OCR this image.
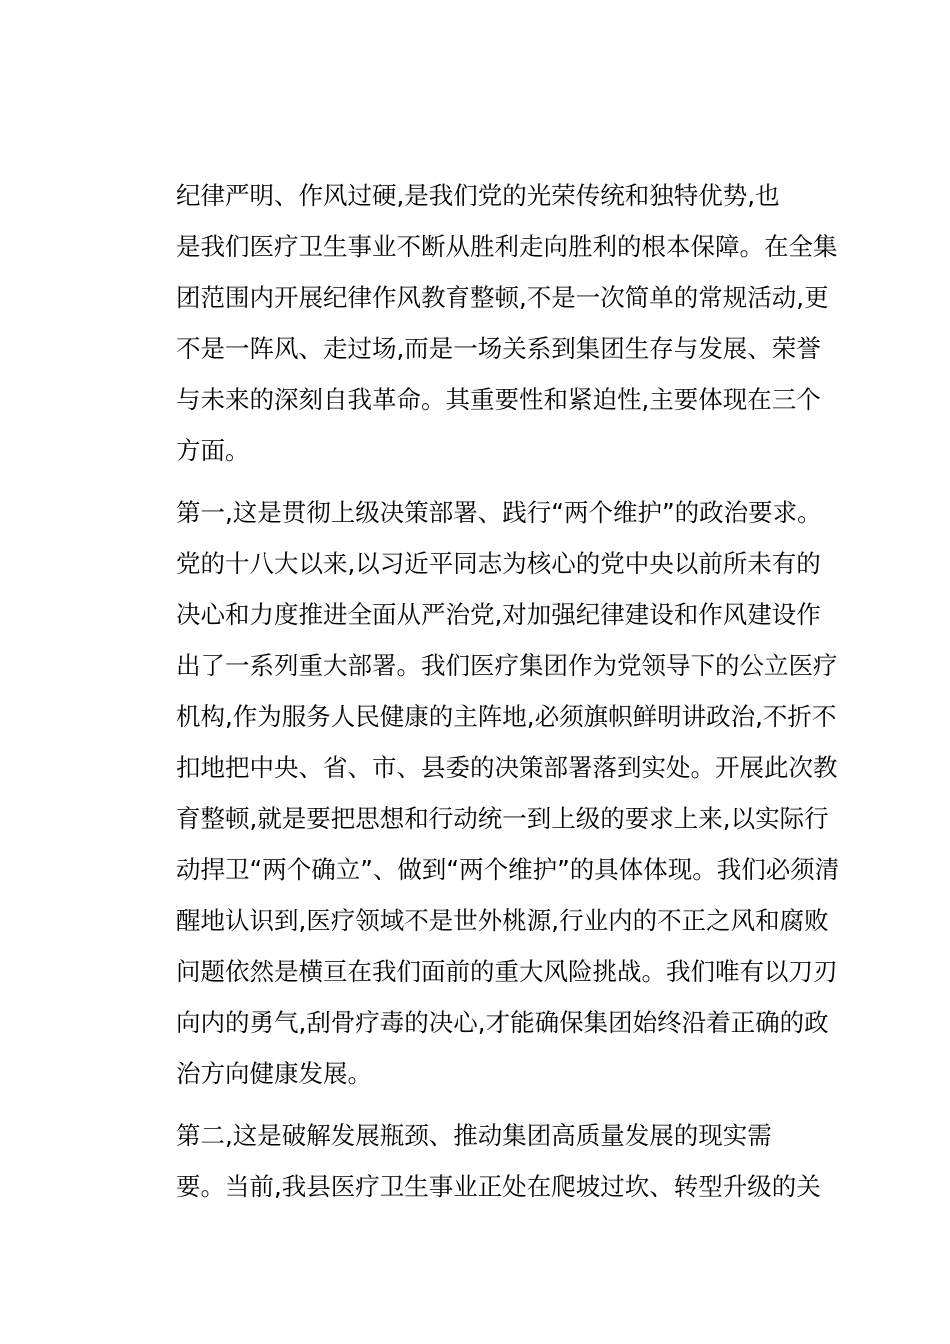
纪律严明、作风过硬,是我们党的光荣传统和独特优势,也
是我们医疗卫生事业不断从胜利走向胜利的根本保障。在全集
团范围内开展纪律作风教育整顿,不是一次简单的常规活动,更
不是一阵风、走过场,而是一场关系到集团生存与发展、荣誉
与未来的深刻自我革命。其重要性和紧迫性,主要体现在三个
方面。

第一,这是贯彻上级决策部署、践行“两个维护”的政治要求。
党的十八大以来,以习近平同志为核心的党中央以前所未有的
决心和力度推进全面从严治党,对加强纪律建设和作风建设作
出了一系列重大部署。我们医疗集团作为党领导下的公立医疗
机构,作为服务人民健康的主阵地,必须旗帜鲜明讲政治,不折不
扣地把中央、省、市、县委的决策部署落到实处。开展此次教
育整顿,就是要把思想和行动统一到上级的要求上来,以实际行
动捍卫“两个确立”、做到“两个维护”的具体体现。我们必须清
醒地认识到,医疗领域不是世外桃源,行业内的不正之风和腐败
问题依然是横亘在我们面前的重大风险挑战。我们唯有以刀刃
向内的勇气,刮骨疗毒的决心,才能确保集团始终沿着正确的政
治方向健康发展。

第二,这是破解发展瓶颈、推动集团高质量发展的现实需
要。当前,我县医疗卫生事业正处在爬坡过坎、转型升级的关
